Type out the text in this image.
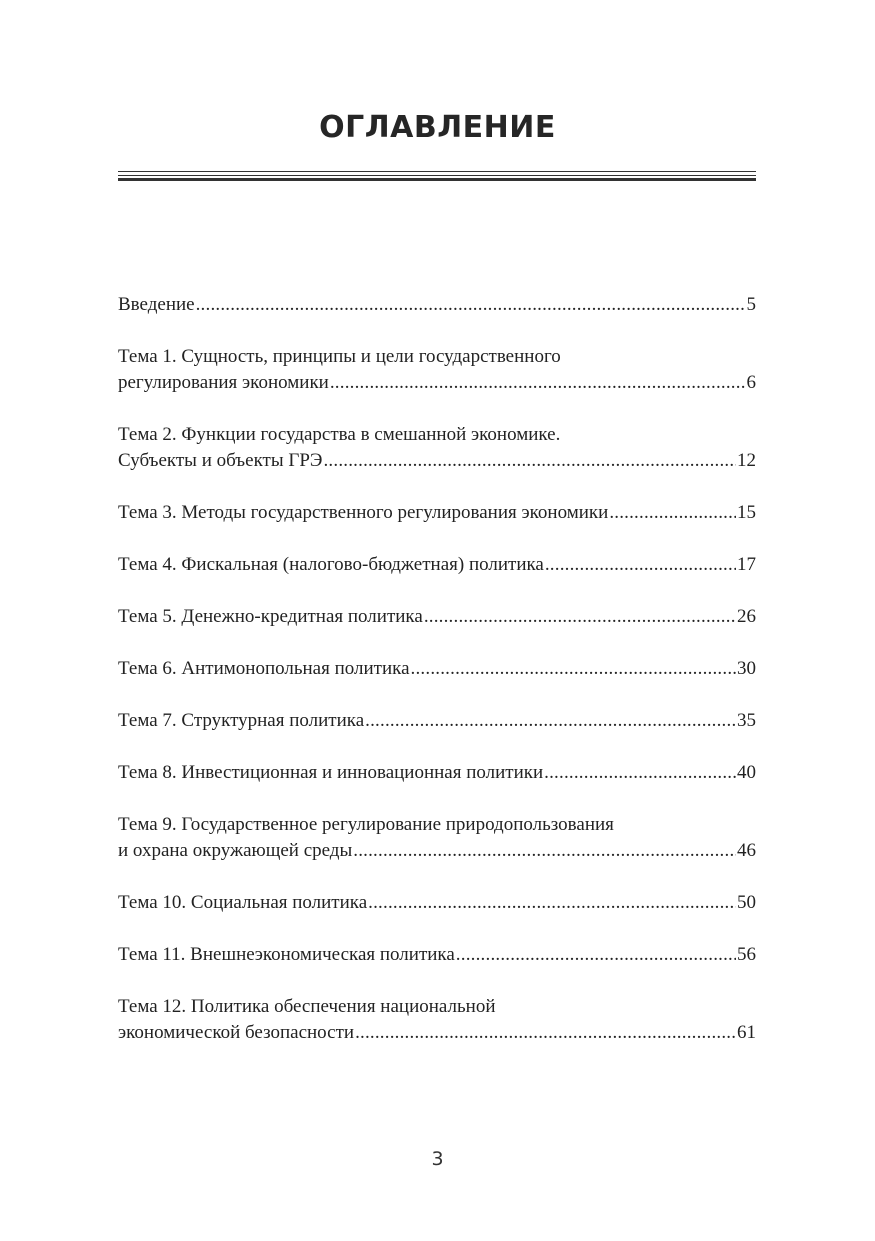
ОГЛАВЛЕНИЕ
Введение .....	5
Тема 1. Сущность, принципы и цели государственного
регулирования экономики .....	6
Тема 2. Функции государства в смешанной экономике.
Субъекты и объекты ГРЭ .....	12
Тема 3. Методы государственного регулирования экономики .....	15
Тема 4. Фискальная (налогово-бюджетная) политика .....	17
Тема 5. Денежно-кредитная политика .....	26
Тема 6. Антимонопольная политика .....	30
Тема 7. Структурная политика .....	35
Тема 8. Инвестиционная и инновационная политики .....	40
Тема 9. Государственное регулирование природопользования
и охрана окружающей среды .....	46
Тема 10. Социальная политика .....	50
Тема 11. Внешнеэкономическая политика .....	56
Тема 12. Политика обеспечения национальной
экономической безопасности .....	61
3
